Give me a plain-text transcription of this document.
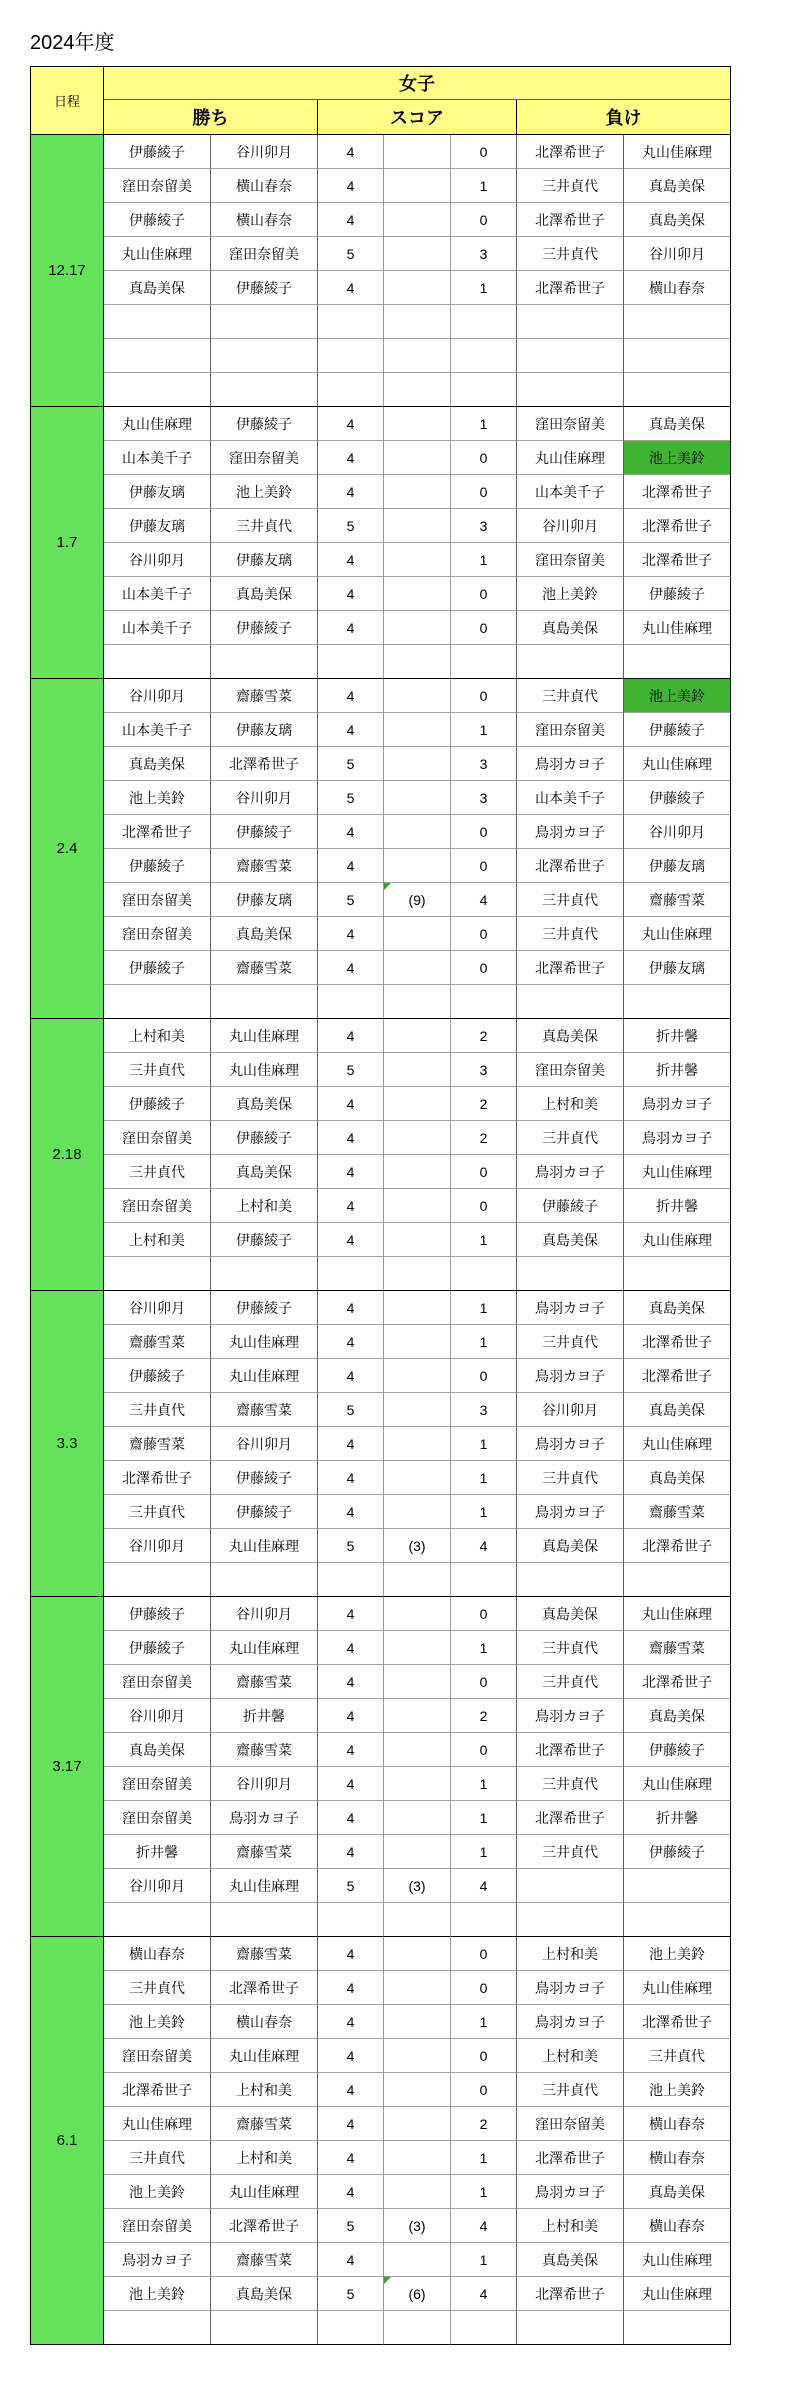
2024年度
日程
女子
勝ち	スコア	負け
12.17
伊藤綾子	谷川卯月	4	0	北澤希世子	丸山佳麻理
窪田奈留美	横山春奈	4	1	三井貞代	真島美保
伊藤綾子	横山春奈	4	0	北澤希世子	真島美保
丸山佳麻理	窪田奈留美	5	3	三井貞代	谷川卯月
真島美保	伊藤綾子	4	1	北澤希世子	横山春奈
1.7
丸山佳麻理	伊藤綾子	4	1	窪田奈留美	真島美保
山本美千子	窪田奈留美	4	0	丸山佳麻理	池上美鈴
伊藤友璃	池上美鈴	4	0	山本美千子	北澤希世子
伊藤友璃	三井貞代	5	3	谷川卯月	北澤希世子
谷川卯月	伊藤友璃	4	1	窪田奈留美	北澤希世子
山本美千子	真島美保	4	0	池上美鈴	伊藤綾子
山本美千子	伊藤綾子	4	0	真島美保	丸山佳麻理
2.4
谷川卯月	齋藤雪菜	4	0	三井貞代	池上美鈴
山本美千子	伊藤友璃	4	1	窪田奈留美	伊藤綾子
真島美保	北澤希世子	5	3	鳥羽カヨ子	丸山佳麻理
池上美鈴	谷川卯月	5	3	山本美千子	伊藤綾子
北澤希世子	伊藤綾子	4	0	鳥羽カヨ子	谷川卯月
伊藤綾子	齋藤雪菜	4	0	北澤希世子	伊藤友璃
窪田奈留美	伊藤友璃	5	(9)	4	三井貞代	齋藤雪菜
窪田奈留美	真島美保	4	0	三井貞代	丸山佳麻理
伊藤綾子	齋藤雪菜	4	0	北澤希世子	伊藤友璃
2.18
上村和美	丸山佳麻理	4	2	真島美保	折井馨
三井貞代	丸山佳麻理	5	3	窪田奈留美	折井馨
伊藤綾子	真島美保	4	2	上村和美	鳥羽カヨ子
窪田奈留美	伊藤綾子	4	2	三井貞代	鳥羽カヨ子
三井貞代	真島美保	4	0	鳥羽カヨ子	丸山佳麻理
窪田奈留美	上村和美	4	0	伊藤綾子	折井馨
上村和美	伊藤綾子	4	1	真島美保	丸山佳麻理
3.3
谷川卯月	伊藤綾子	4	1	鳥羽カヨ子	真島美保
齋藤雪菜	丸山佳麻理	4	1	三井貞代	北澤希世子
伊藤綾子	丸山佳麻理	4	0	鳥羽カヨ子	北澤希世子
三井貞代	齋藤雪菜	5	3	谷川卯月	真島美保
齋藤雪菜	谷川卯月	4	1	鳥羽カヨ子	丸山佳麻理
北澤希世子	伊藤綾子	4	1	三井貞代	真島美保
三井貞代	伊藤綾子	4	1	鳥羽カヨ子	齋藤雪菜
谷川卯月	丸山佳麻理	5	(3)	4	真島美保	北澤希世子
3.17
伊藤綾子	谷川卯月	4	0	真島美保	丸山佳麻理
伊藤綾子	丸山佳麻理	4	1	三井貞代	齋藤雪菜
窪田奈留美	齋藤雪菜	4	0	三井貞代	北澤希世子
谷川卯月	折井馨	4	2	鳥羽カヨ子	真島美保
真島美保	齋藤雪菜	4	0	北澤希世子	伊藤綾子
窪田奈留美	谷川卯月	4	1	三井貞代	丸山佳麻理
窪田奈留美	鳥羽カヨ子	4	1	北澤希世子	折井馨
折井馨	齋藤雪菜	4	1	三井貞代	伊藤綾子
谷川卯月	丸山佳麻理	5	(3)	4
6.1
横山春奈	齋藤雪菜	4	0	上村和美	池上美鈴
三井貞代	北澤希世子	4	0	鳥羽カヨ子	丸山佳麻理
池上美鈴	横山春奈	4	1	鳥羽カヨ子	北澤希世子
窪田奈留美	丸山佳麻理	4	0	上村和美	三井貞代
北澤希世子	上村和美	4	0	三井貞代	池上美鈴
丸山佳麻理	齋藤雪菜	4	2	窪田奈留美	横山春奈
三井貞代	上村和美	4	1	北澤希世子	横山春奈
池上美鈴	丸山佳麻理	4	1	鳥羽カヨ子	真島美保
窪田奈留美	北澤希世子	5	(3)	4	上村和美	横山春奈
鳥羽カヨ子	齋藤雪菜	4	1	真島美保	丸山佳麻理
池上美鈴	真島美保	5	(6)	4	北澤希世子	丸山佳麻理
